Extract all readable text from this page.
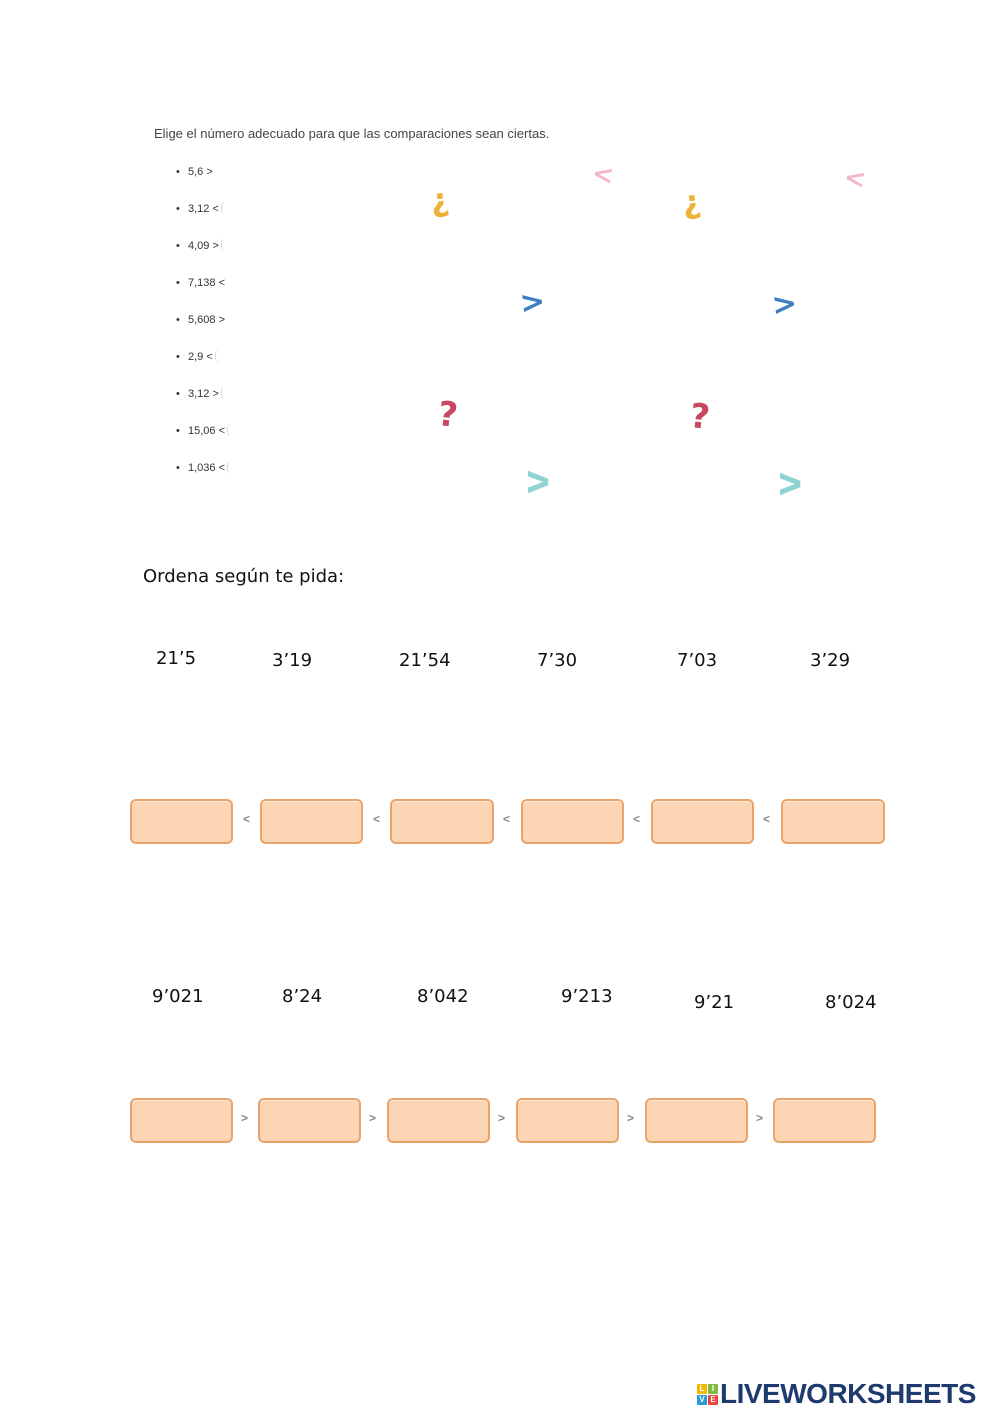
Elige el número adecuado para que las comparaciones sean ciertas.
• 5,6 >
• 3,12 <
• 4,09 >
• 7,138 <
• 5,608 >
• 2,9 <
• 3,12 >
• 15,06 <
• 1,036 <
<
¿
>
?
V
<
¿
>
?
V
Ordena según te pida:
21’5	3’19	21’54	7’30	7’03	3’29
<	<	<	<	<
9’021	8’24	8’042	9’213	9’21	8’024
>	>	>	>	>
L I
V E LIVEWORKSHEETS
